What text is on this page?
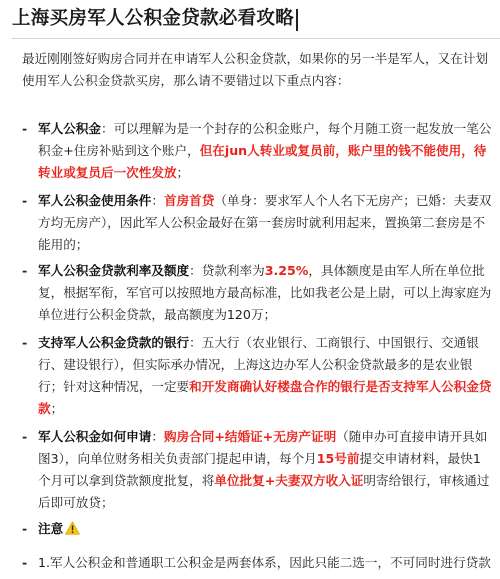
上海买房军人公积金贷款必看攻略
最近刚刚签好购房合同并在申请军人公积金贷款，如果你的另一半是军人，又在计划使用军人公积金贷款买房，那么请不要错过以下重点内容：
- 军人公积金：可以理解为是一个封存的公积金账户，每个月随工资一起发放一笔公积金+住房补贴到这个账户，但在jun人转业或复员前，账户里的钱不能使用，待转业或复员后一次性发放；
- 军人公积金使用条件：首房首贷（单身：要求军人个人名下无房产；已婚：夫妻双方均无房产），因此军人公积金最好在第一套房时就利用起来，置换第二套房是不能用的；
- 军人公积金贷款利率及额度：贷款利率为3.25%，具体额度是由军人所在单位批复，根据军衔，军官可以按照地方最高标准，比如我老公是上尉，可以上海家庭为单位进行公积金贷款，最高额度为120万；
- 支持军人公积金贷款的银行：五大行（农业银行、工商银行、中国银行、交通银行、建设银行），但实际承办情况，上海这边办军人公积金贷款最多的是农业银行；针对这种情况，一定要和开发商确认好楼盘合作的银行是否支持军人公积金贷款；
- 军人公积金如何申请：购房合同+结婚证+无房产证明（随申办可直接申请开具如图3），向单位财务相关负责部门提起申请，每个月15号前提交申请材料，最快1个月可以拿到贷款额度批复，将单位批复+夫妻双方收入证明寄给银行，审核通过后即可放贷；
- 注意
- 1.军人公积金和普通职工公积金是两套体系，因此只能二选一，不可同时进行贷款
